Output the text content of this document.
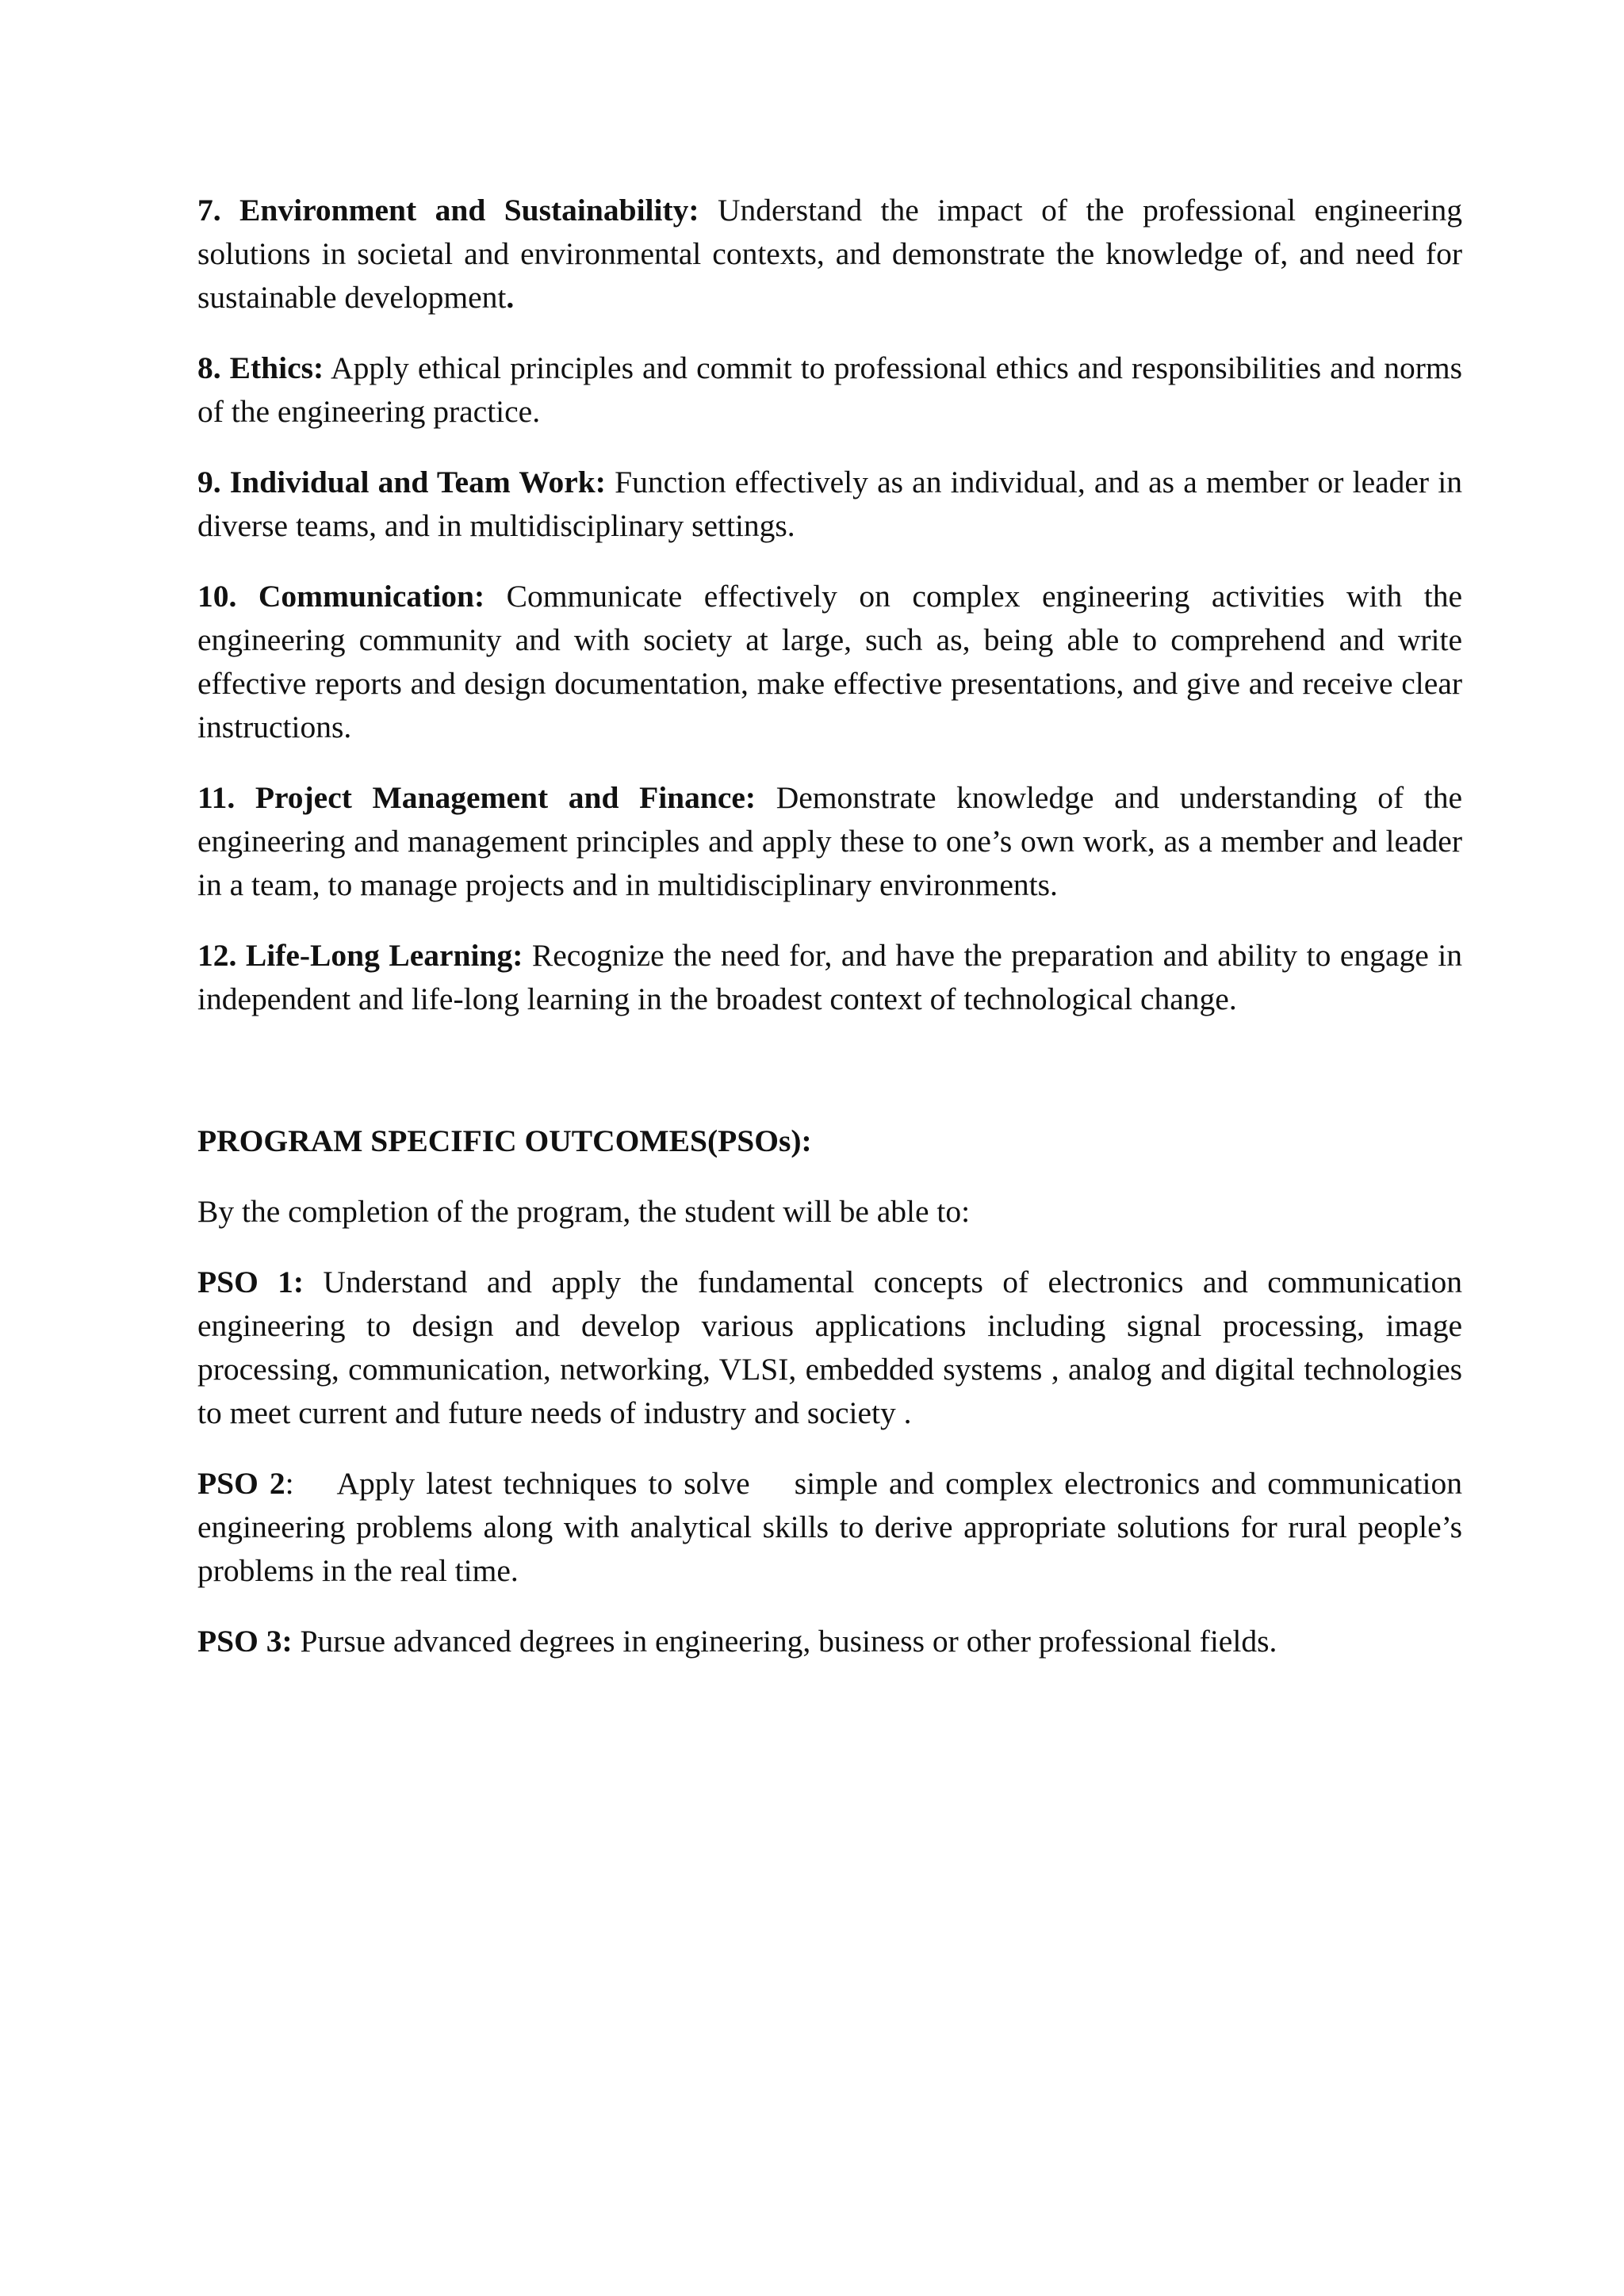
7. Environment and Sustainability: Understand the impact of the professional engineering solutions in societal and environmental contexts, and demonstrate the knowledge of, and need for sustainable development.

8. Ethics: Apply ethical principles and commit to professional ethics and responsibilities and norms of the engineering practice.

9. Individual and Team Work: Function effectively as an individual, and as a member or leader in diverse teams, and in multidisciplinary settings.

10. Communication: Communicate effectively on complex engineering activities with the engineering community and with society at large, such as, being able to comprehend and write effective reports and design documentation, make effective presentations, and give and receive clear instructions.

11. Project Management and Finance: Demonstrate knowledge and understanding of the engineering and management principles and apply these to one’s own work, as a member and leader in a team, to manage projects and in multidisciplinary environments.

12. Life-Long Learning: Recognize the need for, and have the preparation and ability to engage in independent and life-long learning in the broadest context of technological change.

PROGRAM SPECIFIC OUTCOMES(PSOs):

By the completion of the program, the student will be able to:

PSO 1: Understand and apply the fundamental concepts of electronics and communication engineering to design and develop various applications including signal processing, image processing, communication, networking, VLSI, embedded systems , analog and digital technologies to meet current and future needs of industry and society .

PSO 2:    Apply latest techniques to solve    simple and complex electronics and communication engineering problems along with analytical skills to derive appropriate solutions for rural people’s problems in the real time.

PSO 3: Pursue advanced degrees in engineering, business or other professional fields.
